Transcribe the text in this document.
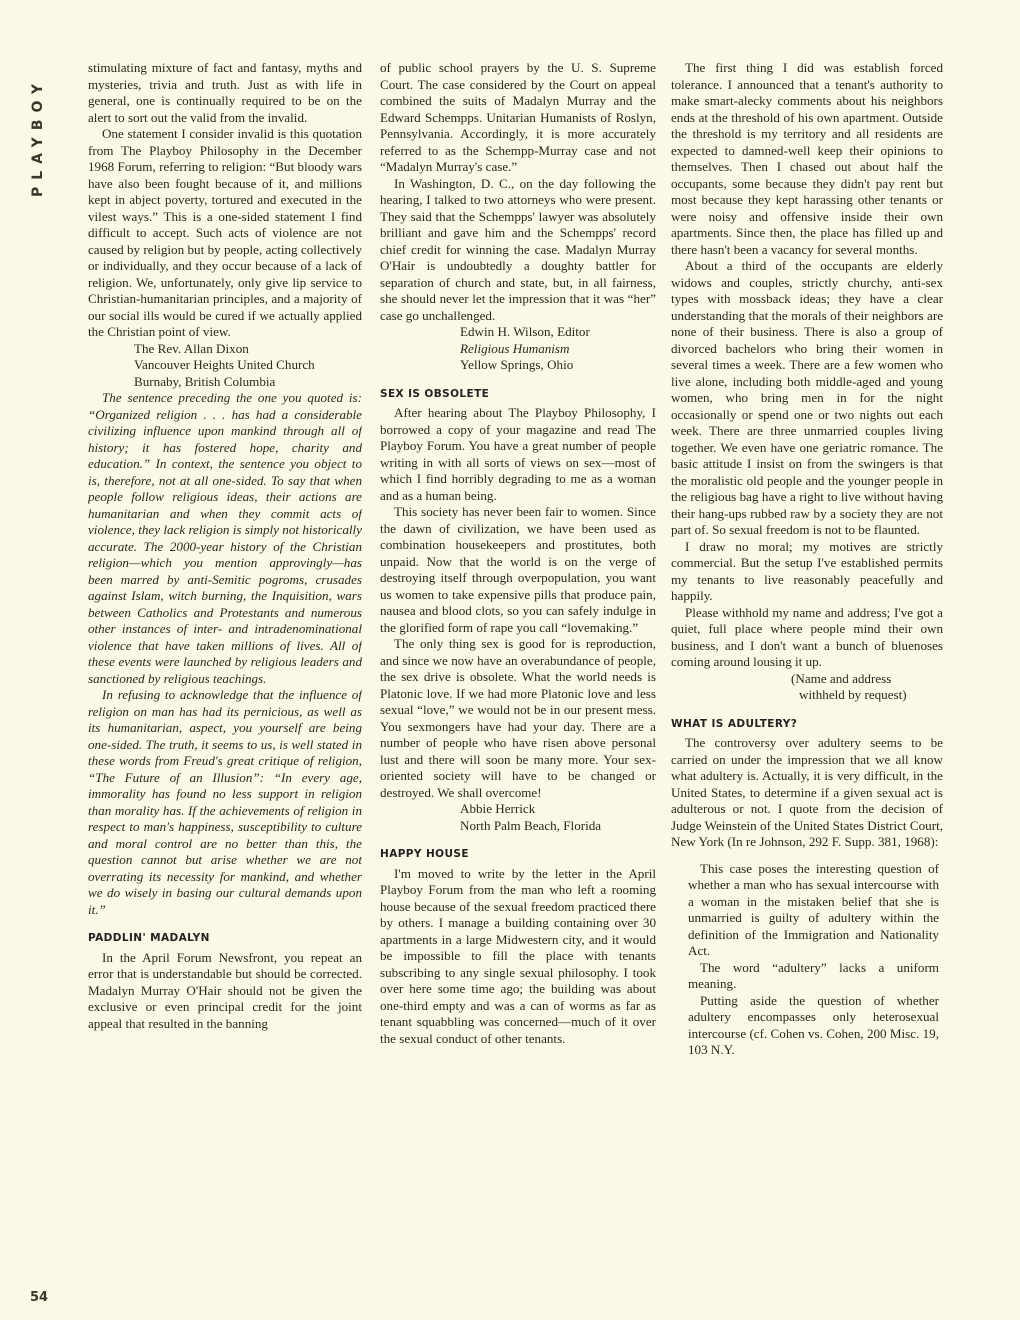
PLAYBOY
54

stimulating mixture of fact and fantasy, myths and mysteries, trivia and truth. Just as with life in general, one is continually required to be on the alert to sort out the valid from the invalid.

One statement I consider invalid is this quotation from The Playboy Philosophy in the December 1968 Forum, referring to religion: “But bloody wars have also been fought because of it, and millions kept in abject poverty, tortured and executed in the vilest ways.” This is a one-sided statement I find difficult to accept. Such acts of violence are not caused by religion but by people, acting collectively or individually, and they occur because of a lack of religion. We, unfortunately, only give lip service to Christian-humanitarian principles, and a majority of our social ills would be cured if we actually applied the Christian point of view.

The Rev. Allan Dixon
Vancouver Heights United Church
Burnaby, British Columbia

The sentence preceding the one you quoted is: “Organized religion . . . has had a considerable civilizing influence upon mankind through all of history; it has fostered hope, charity and education.” In context, the sentence you object to is, therefore, not at all one-sided. To say that when people follow religious ideas, their actions are humanitarian and when they commit acts of violence, they lack religion is simply not historically accurate. The 2000-year history of the Christian religion—which you mention approvingly—has been marred by anti-Semitic pogroms, crusades against Islam, witch burning, the Inquisition, wars between Catholics and Protestants and numerous other instances of inter- and intradenominational violence that have taken millions of lives. All of these events were launched by religious leaders and sanctioned by religious teachings.

In refusing to acknowledge that the influence of religion on man has had its pernicious, as well as its humanitarian, aspect, you yourself are being one-sided. The truth, it seems to us, is well stated in these words from Freud's great critique of religion, “The Future of an Illusion”: “In every age, immorality has found no less support in religion than morality has. If the achievements of religion in respect to man's happiness, susceptibility to culture and moral control are no better than this, the question cannot but arise whether we are not overrating its necessity for mankind, and whether we do wisely in basing our cultural demands upon it.”

PADDLIN' MADALYN

In the April Forum Newsfront, you repeat an error that is understandable but should be corrected. Madalyn Murray O'Hair should not be given the exclusive or even principal credit for the joint appeal that resulted in the banning

of public school prayers by the U. S. Supreme Court. The case considered by the Court on appeal combined the suits of Madalyn Murray and the Edward Schempps. Unitarian Humanists of Roslyn, Pennsylvania. Accordingly, it is more accurately referred to as the Schempp-Murray case and not “Madalyn Murray's case.”

In Washington, D. C., on the day following the hearing, I talked to two attorneys who were present. They said that the Schempps' lawyer was absolutely brilliant and gave him and the Schempps' record chief credit for winning the case. Madalyn Murray O'Hair is undoubtedly a doughty battler for separation of church and state, but, in all fairness, she should never let the impression that it was “her” case go unchallenged.

Edwin H. Wilson, Editor
Religious Humanism
Yellow Springs, Ohio
SEX IS OBSOLETE

After hearing about The Playboy Philosophy, I borrowed a copy of your magazine and read The Playboy Forum. You have a great number of people writing in with all sorts of views on sex—most of which I find horribly degrading to me as a woman and as a human being.

This society has never been fair to women. Since the dawn of civilization, we have been used as combination housekeepers and prostitutes, both unpaid. Now that the world is on the verge of destroying itself through overpopulation, you want us women to take expensive pills that produce pain, nausea and blood clots, so you can safely indulge in the glorified form of rape you call “lovemaking.”

The only thing sex is good for is reproduction, and since we now have an overabundance of people, the sex drive is obsolete. What the world needs is Platonic love. If we had more Platonic love and less sexual “love,” we would not be in our present mess. You sexmongers have had your day. There are a number of people who have risen above personal lust and there will soon be many more. Your sex-oriented society will have to be changed or destroyed. We shall overcome!

Abbie Herrick
North Palm Beach, Florida
HAPPY HOUSE

I'm moved to write by the letter in the April Playboy Forum from the man who left a rooming house because of the sexual freedom practiced there by others. I manage a building containing over 30 apartments in a large Midwestern city, and it would be impossible to fill the place with tenants subscribing to any single sexual philosophy. I took over here some time ago; the building was about one-third empty and was a can of worms as far as tenant squabbling was concerned—much of it over the sexual conduct of other tenants.

The first thing I did was establish forced tolerance. I announced that a tenant's authority to make smart-alecky comments about his neighbors ends at the threshold of his own apartment. Outside the threshold is my territory and all residents are expected to damned-well keep their opinions to themselves. Then I chased out about half the occupants, some because they didn't pay rent but most because they kept harassing other tenants or were noisy and offensive inside their own apartments. Since then, the place has filled up and there hasn't been a vacancy for several months.

About a third of the occupants are elderly widows and couples, strictly churchy, anti-sex types with mossback ideas; they have a clear understanding that the morals of their neighbors are none of their business. There is also a group of divorced bachelors who bring their women in several times a week. There are a few women who live alone, including both middle-aged and young women, who bring men in for the night occasionally or spend one or two nights out each week. There are three unmarried couples living together. We even have one geriatric romance. The basic attitude I insist on from the swingers is that the moralistic old people and the younger people in the religious bag have a right to live without having their hang-ups rubbed raw by a society they are not part of. So sexual freedom is not to be flaunted.

I draw no moral; my motives are strictly commercial. But the setup I've established permits my tenants to live reasonably peacefully and happily.

Please withhold my name and address; I've got a quiet, full place where people mind their own business, and I don't want a bunch of bluenoses coming around lousing it up.

(Name and address
withheld by request)
WHAT IS ADULTERY?

The controversy over adultery seems to be carried on under the impression that we all know what adultery is. Actually, it is very difficult, in the United States, to determine if a given sexual act is adulterous or not. I quote from the decision of Judge Weinstein of the United States District Court, New York (In re Johnson, 292 F. Supp. 381, 1968):

This case poses the interesting question of whether a man who has sexual intercourse with a woman in the mistaken belief that she is unmarried is guilty of adultery within the definition of the Immigration and Nationality Act.

The word “adultery” lacks a uniform meaning.

Putting aside the question of whether adultery encompasses only heterosexual intercourse (cf. Cohen vs. Cohen, 200 Misc. 19, 103 N.Y.
